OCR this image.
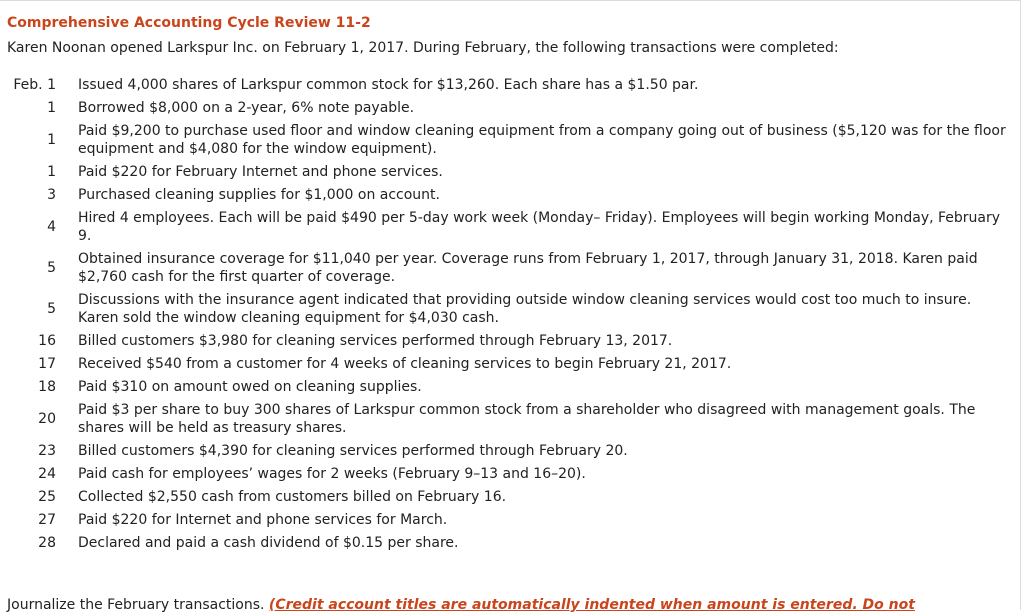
Comprehensive Accounting Cycle Review 11-2
Karen Noonan opened Larkspur Inc. on February 1, 2017. During February, the following transactions were completed:
Feb. 1		Issued 4,000 shares of Larkspur common stock for $13,260. Each share has a $1.50 par.
1		Borrowed $8,000 on a 2-year, 6% note payable.
1		Paid $9,200 to purchase used floor and window cleaning equipment from a company going out of business ($5,120 was for the floor equipment and $4,080 for the window equipment).
1		Paid $220 for February Internet and phone services.
3		Purchased cleaning supplies for $1,000 on account.
4		Hired 4 employees. Each will be paid $490 per 5-day work week (Monday– Friday). Employees will begin working Monday, February 9.
5		Obtained insurance coverage for $11,040 per year. Coverage runs from February 1, 2017, through January 31, 2018. Karen paid $2,760 cash for the first quarter of coverage.
5		Discussions with the insurance agent indicated that providing outside window cleaning services would cost too much to insure. Karen sold the window cleaning equipment for $4,030 cash.
16		Billed customers $3,980 for cleaning services performed through February 13, 2017.
17		Received $540 from a customer for 4 weeks of cleaning services to begin February 21, 2017.
18		Paid $310 on amount owed on cleaning supplies.
20		Paid $3 per share to buy 300 shares of Larkspur common stock from a shareholder who disagreed with management goals. The shares will be held as treasury shares.
23		Billed customers $4,390 for cleaning services performed through February 20.
24		Paid cash for employees’ wages for 2 weeks (February 9–13 and 16–20).
25		Collected $2,550 cash from customers billed on February 16.
27		Paid $220 for Internet and phone services for March.
28		Declared and paid a cash dividend of $0.15 per share.
Journalize the February transactions. (Credit account titles are automatically indented when amount is entered. Do not
